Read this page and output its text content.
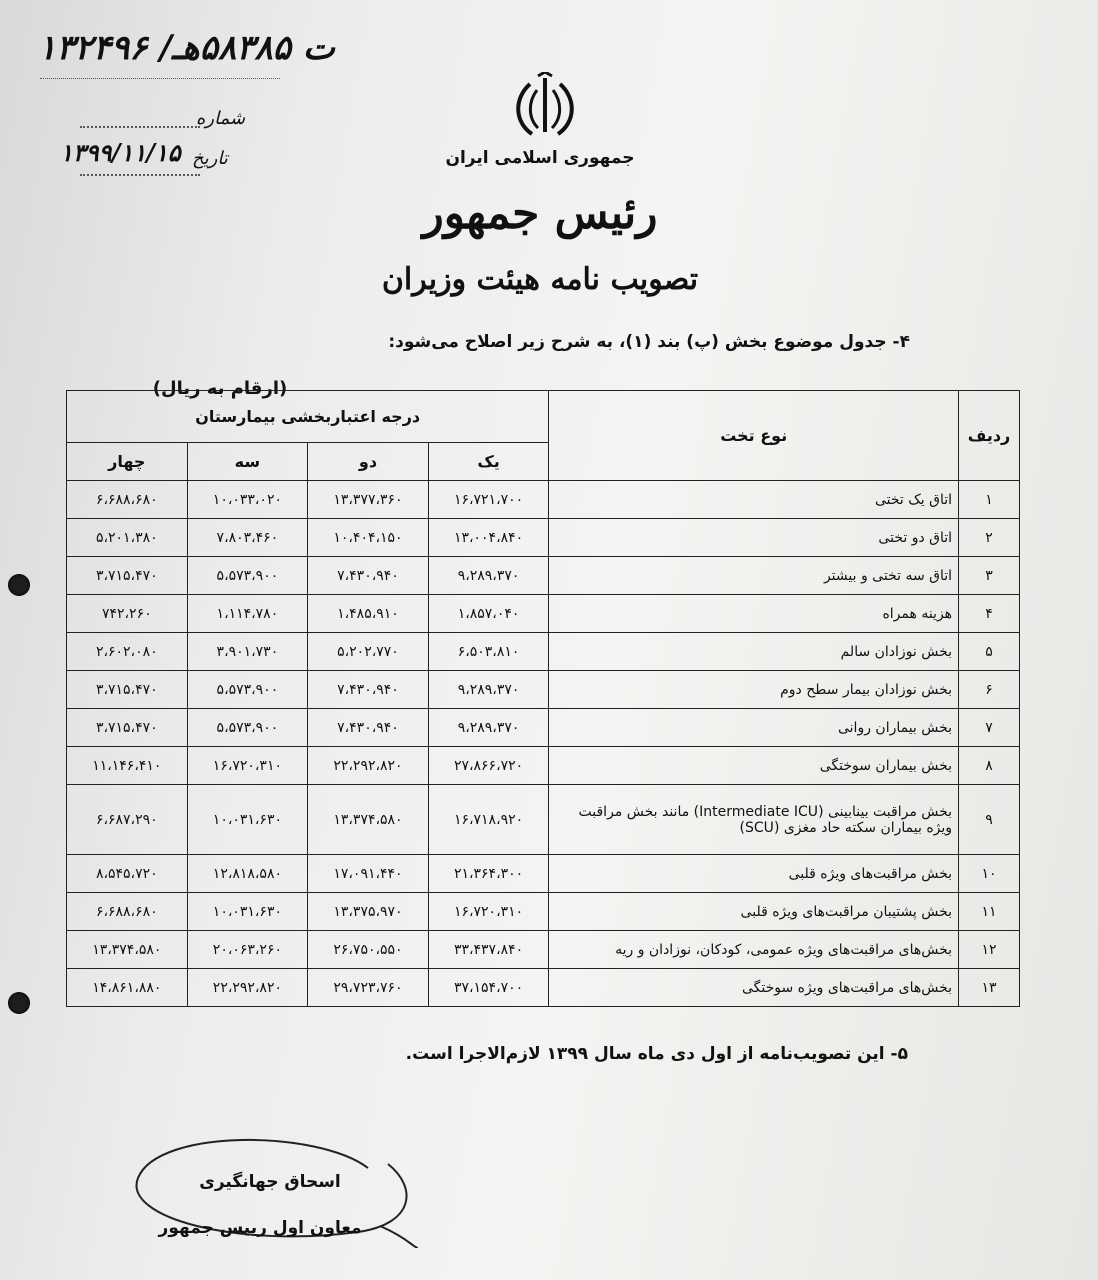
۱۳۲۴۹۶ /ت ۵۸۳۸۵هـ
شماره
۱۳۹۹/۱۱/۱۵ تاریخ	جمهوری اسلامی ایران
رئیس جمهور
تصویب نامه هیئت وزیران
۴- جدول موضوع بخش (پ) بند (۱)، به شرح زیر اصلاح می‌شود:
(ارقام به ریال)
ردیف	نوع تخت	درجه اعتباربخشی بیمارستان			
		یک	دو	سه	چهار
۱	اتاق یک تختی	۱۶،۷۲۱،۷۰۰	۱۳،۳۷۷،۳۶۰	۱۰،۰۳۳،۰۲۰	۶،۶۸۸،۶۸۰
۲	اتاق دو تختی	۱۳،۰۰۴،۸۴۰	۱۰،۴۰۴،۱۵۰	۷،۸۰۳،۴۶۰	۵،۲۰۱،۳۸۰
۳	اتاق سه تختی و بیشتر	۹،۲۸۹،۳۷۰	۷،۴۳۰،۹۴۰	۵،۵۷۳،۹۰۰	۳،۷۱۵،۴۷۰
۴	هزینه همراه	۱،۸۵۷،۰۴۰	۱،۴۸۵،۹۱۰	۱،۱۱۴،۷۸۰	۷۴۲،۲۶۰
۵	بخش نوزادان سالم	۶،۵۰۳،۸۱۰	۵،۲۰۲،۷۷۰	۳،۹۰۱،۷۳۰	۲،۶۰۲،۰۸۰
۶	بخش نوزادان بیمار سطح دوم	۹،۲۸۹،۳۷۰	۷،۴۳۰،۹۴۰	۵،۵۷۳،۹۰۰	۳،۷۱۵،۴۷۰
۷	بخش بیماران روانی	۹،۲۸۹،۳۷۰	۷،۴۳۰،۹۴۰	۵،۵۷۳،۹۰۰	۳،۷۱۵،۴۷۰
۸	بخش بیماران سوختگی	۲۷،۸۶۶،۷۲۰	۲۲،۲۹۲،۸۲۰	۱۶،۷۲۰،۳۱۰	۱۱،۱۴۶،۴۱۰
۹	بخش مراقبت بینابینی (Intermediate ICU) مانند بخش مراقبت ویژه بیماران سکته حاد مغزی (SCU)	۱۶،۷۱۸،۹۲۰	۱۳،۳۷۴،۵۸۰	۱۰،۰۳۱،۶۳۰	۶،۶۸۷،۲۹۰
۱۰	بخش مراقبت‌های ویژه قلبی	۲۱،۳۶۴،۳۰۰	۱۷،۰۹۱،۴۴۰	۱۲،۸۱۸،۵۸۰	۸،۵۴۵،۷۲۰
۱۱	بخش پشتیبان مراقبت‌های ویژه قلبی	۱۶،۷۲۰،۳۱۰	۱۳،۳۷۵،۹۷۰	۱۰،۰۳۱،۶۳۰	۶،۶۸۸،۶۸۰
۱۲	بخش‌های مراقبت‌های ویژه عمومی، کودکان، نوزادان و ریه	۳۳،۴۳۷،۸۴۰	۲۶،۷۵۰،۵۵۰	۲۰،۰۶۳،۲۶۰	۱۳،۳۷۴،۵۸۰
۱۳	بخش‌های مراقبت‌های ویژه سوختگی	۳۷،۱۵۴،۷۰۰	۲۹،۷۲۳،۷۶۰	۲۲،۲۹۲،۸۲۰	۱۴،۸۶۱،۸۸۰
۵- این تصویب‌نامه از اول دی ماه سال ۱۳۹۹ لازم‌الاجرا است.
اسحاق جهانگیری
معاون اول رییس جمهور
